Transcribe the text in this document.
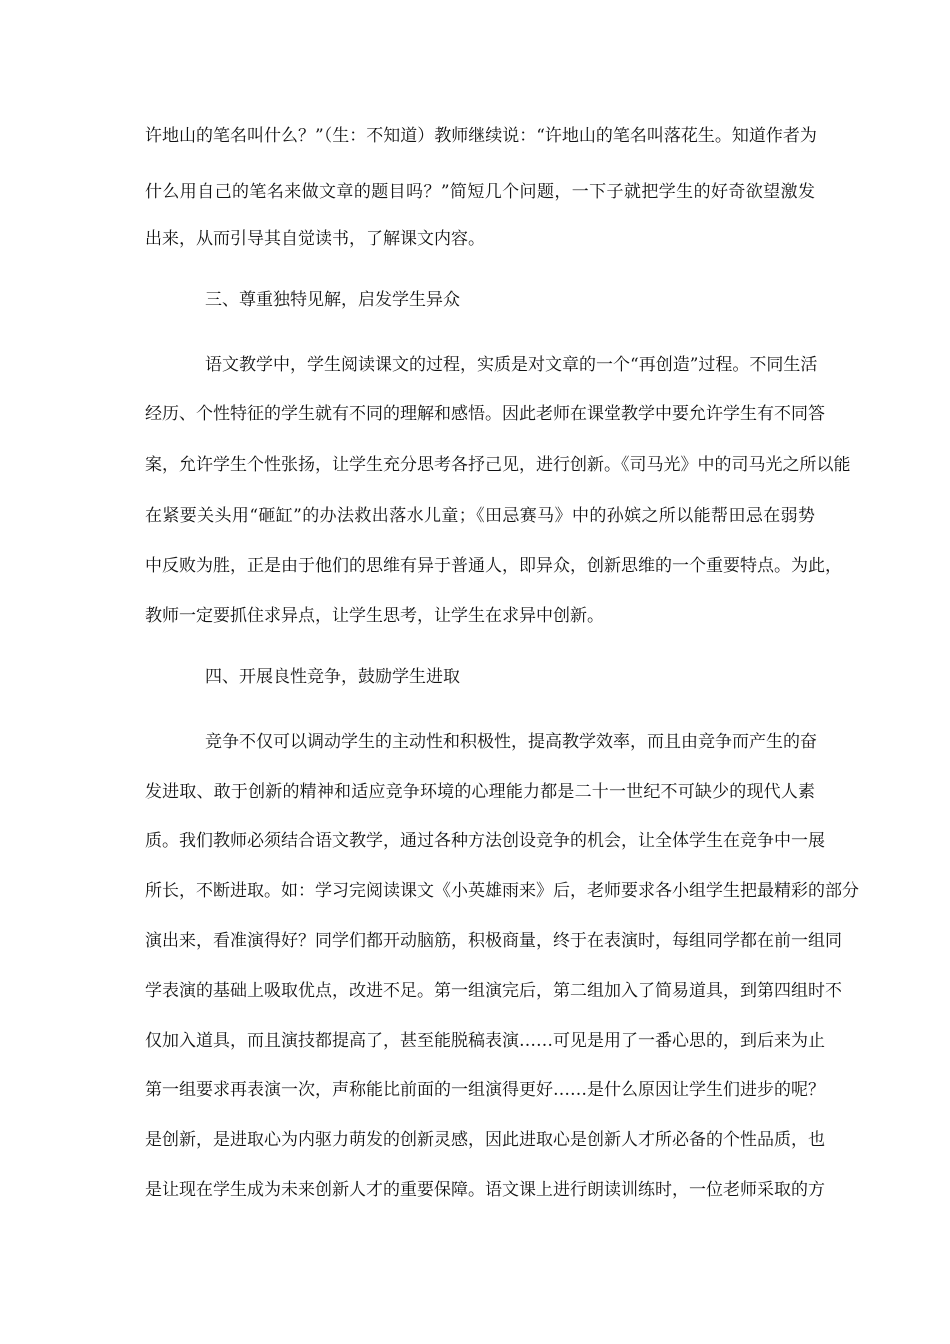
许地山的笔名叫什么？”（生：不知道）教师继续说：“许地山的笔名叫落花生。知道作者为
什么用自己的笔名来做文章的题目吗？”简短几个问题，一下子就把学生的好奇欲望激发
出来，从而引导其自觉读书，了解课文内容。
三、尊重独特见解，启发学生异众
语文教学中，学生阅读课文的过程，实质是对文章的一个“再创造”过程。不同生活
经历、个性特征的学生就有不同的理解和感悟。因此老师在课堂教学中要允许学生有不同答
案，允许学生个性张扬，让学生充分思考各抒己见，进行创新。《司马光》中的司马光之所以能
在紧要关头用“砸缸”的办法救出落水儿童；《田忌赛马》中的孙嫔之所以能帮田忌在弱势
中反败为胜，正是由于他们的思维有异于普通人，即异众，创新思维的一个重要特点。为此，
教师一定要抓住求异点，让学生思考，让学生在求异中创新。
四、开展良性竞争，鼓励学生进取
竞争不仅可以调动学生的主动性和积极性，提高教学效率，而且由竞争而产生的奋
发进取、敢于创新的精神和适应竞争环境的心理能力都是二十一世纪不可缺少的现代人素
质。我们教师必须结合语文教学，通过各种方法创设竞争的机会，让全体学生在竞争中一展
所长，不断进取。如：学习完阅读课文《小英雄雨来》后，老师要求各小组学生把最精彩的部分
演出来，看准演得好？同学们都开动脑筋，积极商量，终于在表演时，每组同学都在前一组同
学表演的基础上吸取优点，改进不足。第一组演完后，第二组加入了简易道具，到第四组时不
仅加入道具，而且演技都提高了，甚至能脱稿表演……可见是用了一番心思的，到后来为止
第一组要求再表演一次，声称能比前面的一组演得更好……是什么原因让学生们进步的呢？
是创新，是进取心为内驱力萌发的创新灵感，因此进取心是创新人才所必备的个性品质，也
是让现在学生成为未来创新人才的重要保障。语文课上进行朗读训练时，一位老师采取的方
